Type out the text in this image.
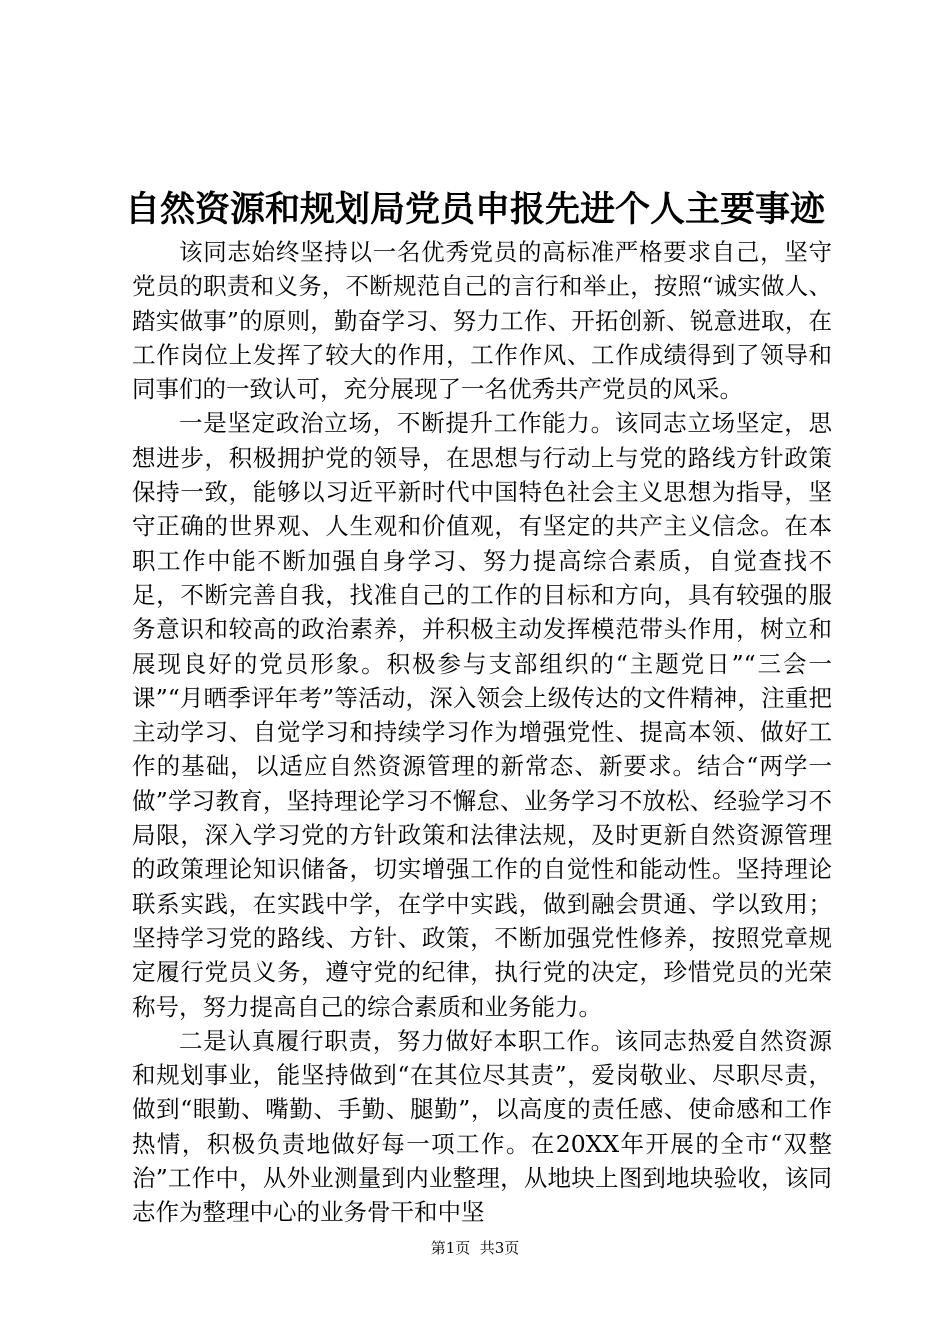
自然资源和规划局党员申报先进个人主要事迹

该同志始终坚持以一名优秀党员的高标准严格要求自己，坚守党员的职责和义务，不断规范自己的言行和举止，按照“诚实做人、踏实做事”的原则，勤奋学习、努力工作、开拓创新、锐意进取，在工作岗位上发挥了较大的作用，工作作风、工作成绩得到了领导和同事们的一致认可，充分展现了一名优秀共产党员的风采。

一是坚定政治立场，不断提升工作能力。该同志立场坚定，思想进步，积极拥护党的领导，在思想与行动上与党的路线方针政策保持一致，能够以习近平新时代中国特色社会主义思想为指导，坚守正确的世界观、人生观和价值观，有坚定的共产主义信念。在本职工作中能不断加强自身学习、努力提高综合素质，自觉查找不足，不断完善自我，找准自己的工作的目标和方向，具有较强的服务意识和较高的政治素养，并积极主动发挥模范带头作用，树立和展现良好的党员形象。积极参与支部组织的“主题党日”“三会一课”“月晒季评年考”等活动，深入领会上级传达的文件精神，注重把主动学习、自觉学习和持续学习作为增强党性、提高本领、做好工作的基础，以适应自然资源管理的新常态、新要求。结合“两学一做”学习教育，坚持理论学习不懈怠、业务学习不放松、经验学习不局限，深入学习党的方针政策和法律法规，及时更新自然资源管理的政策理论知识储备，切实增强工作的自觉性和能动性。坚持理论联系实践，在实践中学，在学中实践，做到融会贯通、学以致用；坚持学习党的路线、方针、政策，不断加强党性修养，按照党章规定履行党员义务，遵守党的纪律，执行党的决定，珍惜党员的光荣称号，努力提高自己的综合素质和业务能力。

二是认真履行职责，努力做好本职工作。该同志热爱自然资源和规划事业，能坚持做到“在其位尽其责”，爱岗敬业、尽职尽责，做到“眼勤、嘴勤、手勤、腿勤”，以高度的责任感、使命感和工作热情，积极负责地做好每一项工作。在20XX年开展的全市“双整治”工作中，从外业测量到内业整理，从地块上图到地块验收，该同志作为整理中心的业务骨干和中坚

第1页  共3页
